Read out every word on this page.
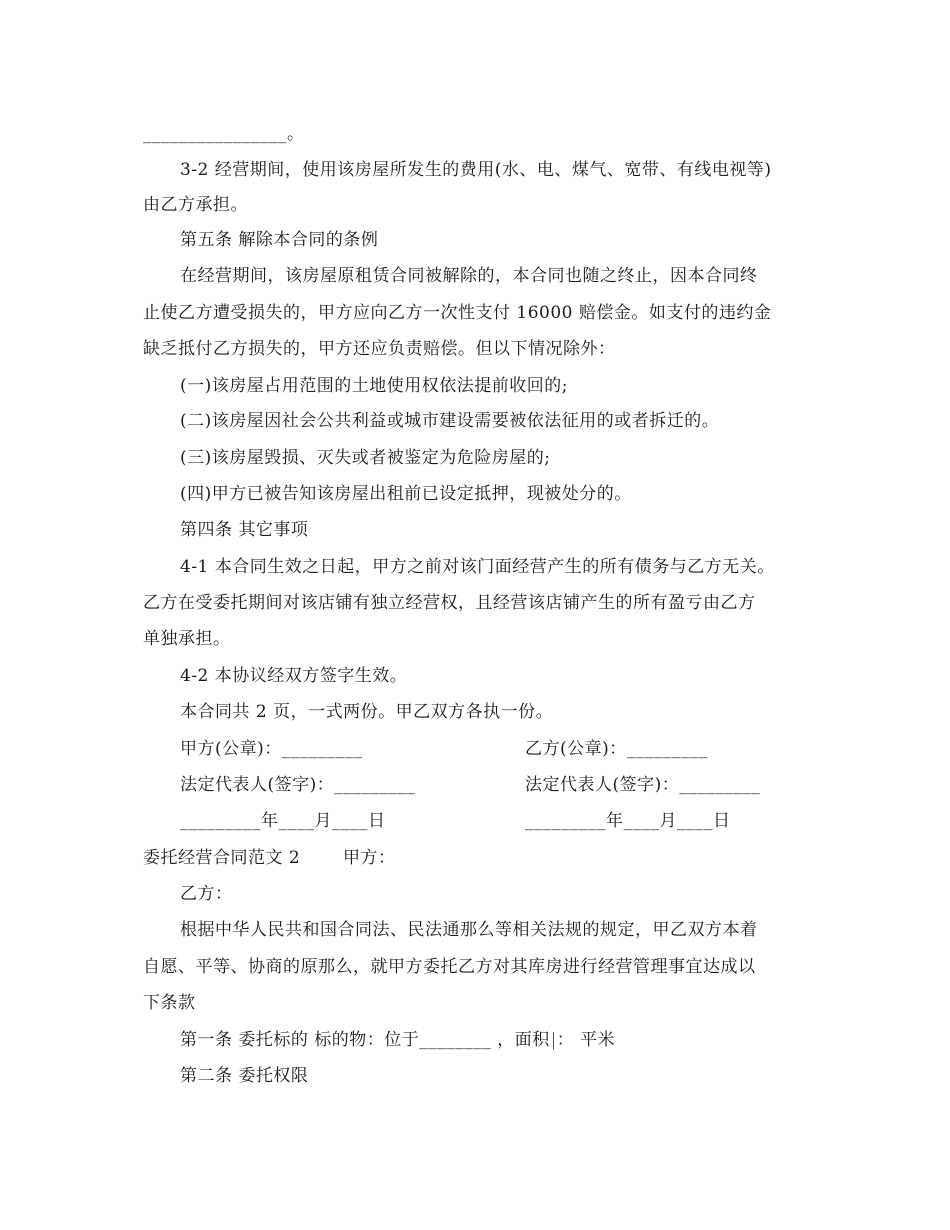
________________。
3-2 经营期间，使用该房屋所发生的费用(水、电、煤气、宽带、有线电视等)
由乙方承担。
第五条 解除本合同的条例
在经营期间，该房屋原租赁合同被解除的，本合同也随之终止，因本合同终
止使乙方遭受损失的，甲方应向乙方一次性支付 16000 赔偿金。如支付的违约金
缺乏抵付乙方损失的，甲方还应负责赔偿。但以下情况除外：
(一)该房屋占用范围的土地使用权依法提前收回的;
(二)该房屋因社会公共利益或城市建设需要被依法征用的或者拆迁的。
(三)该房屋毁损、灭失或者被鉴定为危险房屋的;
(四)甲方已被告知该房屋出租前已设定抵押，现被处分的。
第四条 其它事项
4-1 本合同生效之日起，甲方之前对该门面经营产生的所有债务与乙方无关。
乙方在受委托期间对该店铺有独立经营权，且经营该店铺产生的所有盈亏由乙方
单独承担。
4-2 本协议经双方签字生效。
本合同共 2 页，一式两份。甲乙双方各执一份。
甲方(公章)：_________	乙方(公章)：_________
法定代表人(签字)：_________	法定代表人(签字)：_________
_________年____月____日	_________年____月____日
委托经营合同范文 2	甲方：
乙方：
根据中华人民共和国合同法、民法通那么等相关法规的规定，甲乙双方本着
自愿、平等、协商的原那么，就甲方委托乙方对其库房进行经营管理事宜达成以
下条款
第一条 委托标的 标的物：位于________ ，面积 ： 平米
第二条 委托权限
